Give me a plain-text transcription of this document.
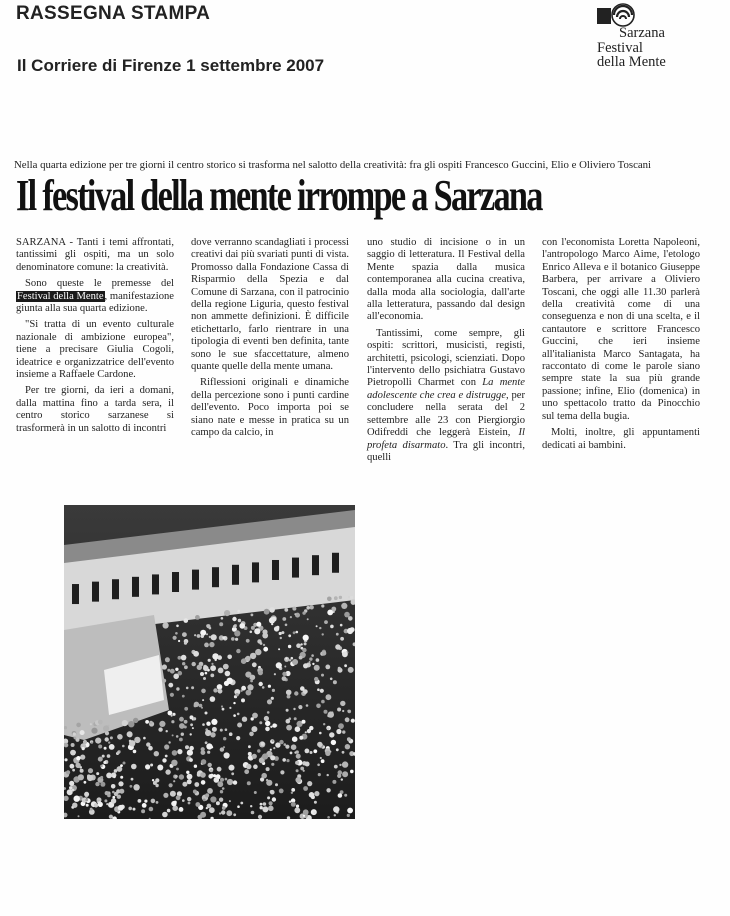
RASSEGNA STAMPA
Il Corriere di Firenze 1 settembre 2007
Sarzana
Festival
della Mente
Nella quarta edizione per tre giorni il centro storico si trasforma nel salotto della creatività: fra gli ospiti Francesco Guccini, Elio e Oliviero Toscani
Il festival della mente irrompe a Sarzana

SARZANA - Tanti i temi affrontati, tantissimi gli ospiti, ma un solo denominatore comune: la creatività.

Sono queste le premesse del Festival della Mente, manifestazione giunta alla sua quarta edizione.

"Si tratta di un evento culturale nazionale di ambizione europea", tiene a precisare Giulia Cogoli, ideatrice e organizzatrice dell'evento insieme a Raffaele Cardone.

Per tre giorni, da ieri a domani, dalla mattina fino a tarda sera, il centro storico sarzanese si trasformerà in un salotto di incontri

dove verranno scandagliati i processi creativi dai più svariati punti di vista. Promosso dalla Fondazione Cassa di Risparmio della Spezia e dal Comune di Sarzana, con il patrocinio della regione Liguria, questo festival non ammette definizioni. È difficile etichettarlo, farlo rientrare in una tipologia di eventi ben definita, tante sono le sue sfaccettature, almeno quante quelle della mente umana.

Riflessioni originali e dinamiche della percezione sono i punti cardine dell'evento. Poco importa poi se siano nate e messe in pratica su un campo da calcio, in

uno studio di incisione o in un saggio di letteratura. Il Festival della Mente spazia dalla musica contemporanea alla cucina creativa, dalla moda alla sociologia, dall'arte alla letteratura, passando dal design all'economia.

Tantissimi, come sempre, gli ospiti: scrittori, musicisti, registi, architetti, psicologi, scienziati. Dopo l'intervento dello psichiatra Gustavo Pietropolli Charmet con La mente adolescente che crea e distrugge, per concludere nella serata del 2 settembre alle 23 con Piergiorgio Odifreddi che leggerà Eistein, Il profeta disarmato. Tra gli incontri, quelli

con l'economista Loretta Napoleoni, l'antropologo Marco Aime, l'etologo Enrico Alleva e il botanico Giuseppe Barbera, per arrivare a Oliviero Toscani, che oggi alle 11.30 parlerà della creatività come di una conseguenza e non di una scelta, e il cantautore e scrittore Francesco Guccini, che ieri insieme all'italianista Marco Santagata, ha raccontato di come le parole siano sempre state la sua più grande passione; infine, Elio (domenica) in uno spettacolo tratto da Pinocchio sul tema della bugia.

Molti, inoltre, gli appuntamenti dedicati ai bambini.
